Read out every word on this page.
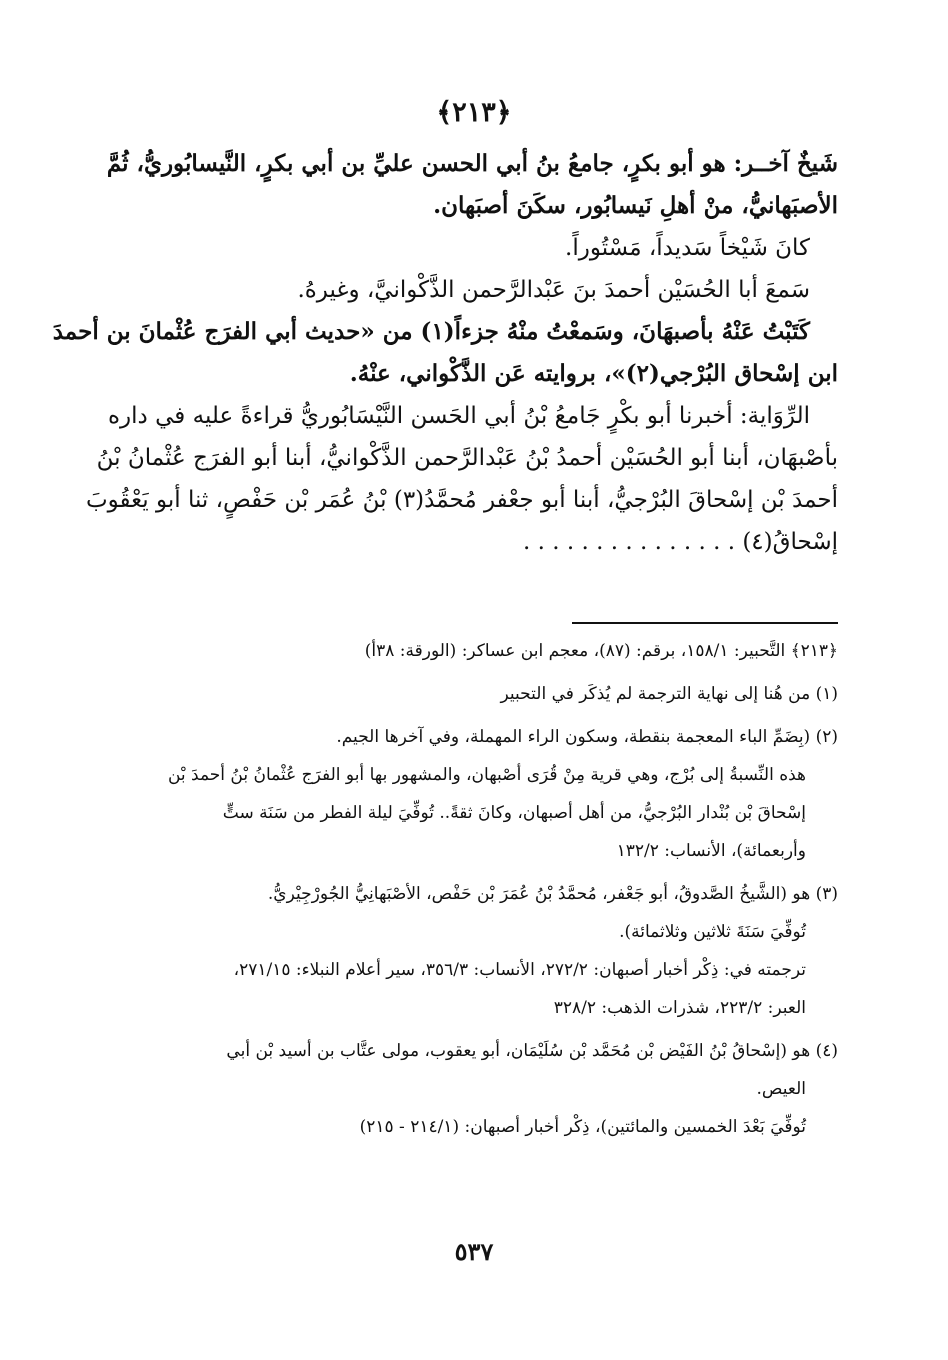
﴿٢١٣﴾
شَيخٌ آخــر: هو أبو بكرٍ، جامعُ بنُ أبي الحسن عليِّ بن أبي بكرٍ، النَّيسابُوريُّ، ثُمَّ
الأصبَهانيُّ، منْ أهلِ نَيسابُور، سكَنَ أصبَهان.
كانَ شَيْخاً سَديداً، مَسْتُوراً.
سَمعَ أبا الحُسَيْن أحمدَ بنَ عَبْدالرَّحمن الذَّكْوانيَّ، وغيرهُ.
كَتَبْتُ عَنْهُ بأصبهَانَ، وسَمعْتُ منْهُ جزءاً(١) من «حديث أبي الفرَج عُثْمانَ بن أحمدَ
ابن إسْحاق البُرْجي(٢)»، بروايته عَن الذَّكْواني، عنْهُ.
الرِّوَاية: أخبرنا أبو بكْرٍ جَامعُ بْنُ أبي الحَسن النَّيْسَابُوريُّ قراءةً عليه في داره
بأصْبهَان، أبنا أبو الحُسَيْن أحمدُ بْنُ عَبْدالرَّحمن الذَّكْوانيُّ، أبنا أبو الفرَج عُثْمانُ بْنُ
أحمدَ بْن إسْحاقَ البُرْجيُّ، أبنا أبو جعْفر مُحمَّدُ(٣) بْنُ عُمَر بْن حَفْصٍ، ثنا أبو يَعْقُوبَ
إسْحاقُ(٤) . . . . . . . . . . . . . . .
﴿٢١٣﴾ التَّحبير: ١٥٨/١، برقم: (٨٧)، معجم ابن عساكر: (الورقة: ٣٨أ)
(١) من هُنا إلى نهاية الترجمة لم يُذكَر في التحبير
(٢) (بِضَمِّ الباء المعجمة بنقطة، وسكون الراء المهملة، وفي آخرها الجيم.
هذه النِّسبةُ إلى بُرْج، وهي قرية مِنْ قُرَى أصْبهان، والمشهور بها أبو الفرَج عُثْمانُ بْنُ أحمدَ بْن
إسْحاقَ بْن بُنْدار البُرْجيُّ، من أهل أصبهان، وكانَ ثقةً.. تُوفِّيَ ليلة الفطر من سَنَة ستٍّ
وأربعمائة)، الأنساب: ١٣٢/٢
(٣) هو (الشَّيخُ الصَّدوقُ، أبو جَعْفر، مُحمَّدُ بْنُ عُمَرَ بْن حَفْص، الأصْبَهانِيُّ الجُورْجِيْريُّ.
تُوفِّيَ سَنَةَ ثلاثين وثلاثمائة).
ترجمته في: ذِكْر أخبار أصبهان: ٢٧٢/٢، الأنساب: ٣٥٦/٣، سير أعلام النبلاء: ٢٧١/١٥،
العبر: ٢٢٣/٢، شذرات الذهب: ٣٢٨/٢
(٤) هو (إسْحاقُ بْنُ الفَيْض بْن مُحَمَّد بْن سُلَيْمَان، أبو يعقوب، مولى عتَّاب بن أسيد بْن أبي
العيص.
تُوفِّيَ بَعْدَ الخمسين والمائتين)، ذِكْر أخبار أصبهان: (٢١٤/١ - ٢١٥)
٥٣٧
